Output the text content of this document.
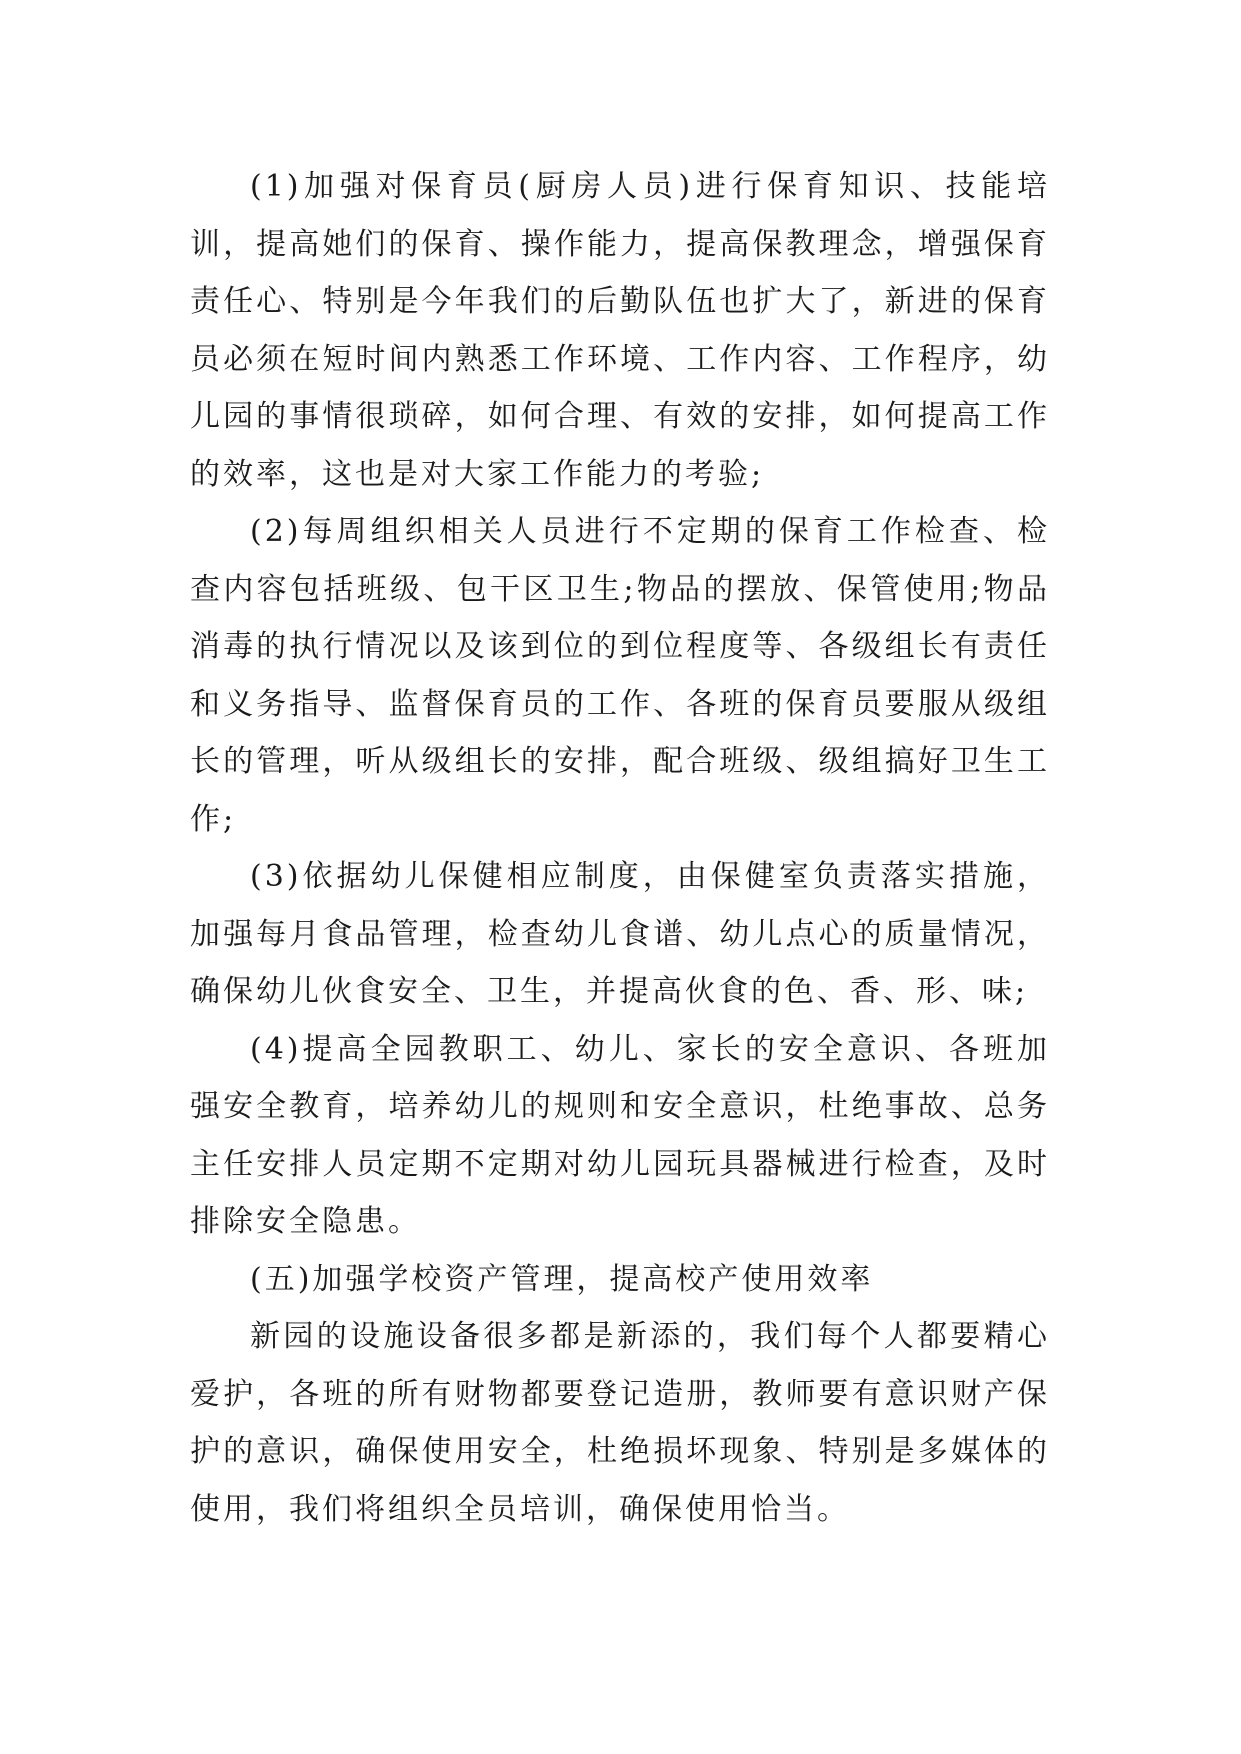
(1)加强对保育员(厨房人员)进行保育知识、技能培训，提高她们的保育、操作能力，提高保教理念，增强保育责任心、特别是今年我们的后勤队伍也扩大了，新进的保育员必须在短时间内熟悉工作环境、工作内容、工作程序，幼儿园的事情很琐碎，如何合理、有效的安排，如何提高工作的效率，这也是对大家工作能力的考验;

(2)每周组织相关人员进行不定期的保育工作检查、检查内容包括班级、包干区卫生;物品的摆放、保管使用;物品消毒的执行情况以及该到位的到位程度等、各级组长有责任和义务指导、监督保育员的工作、各班的保育员要服从级组长的管理，听从级组长的安排，配合班级、级组搞好卫生工作;

(3)依据幼儿保健相应制度，由保健室负责落实措施，加强每月食品管理，检查幼儿食谱、幼儿点心的质量情况，确保幼儿伙食安全、卫生，并提高伙食的色、香、形、味;

(4)提高全园教职工、幼儿、家长的安全意识、各班加强安全教育，培养幼儿的规则和安全意识，杜绝事故、总务主任安排人员定期不定期对幼儿园玩具器械进行检查，及时排除安全隐患。

(五)加强学校资产管理，提高校产使用效率

新园的设施设备很多都是新添的，我们每个人都要精心爱护，各班的所有财物都要登记造册，教师要有意识财产保护的意识，确保使用安全，杜绝损坏现象、特别是多媒体的使用，我们将组织全员培训，确保使用恰当。
